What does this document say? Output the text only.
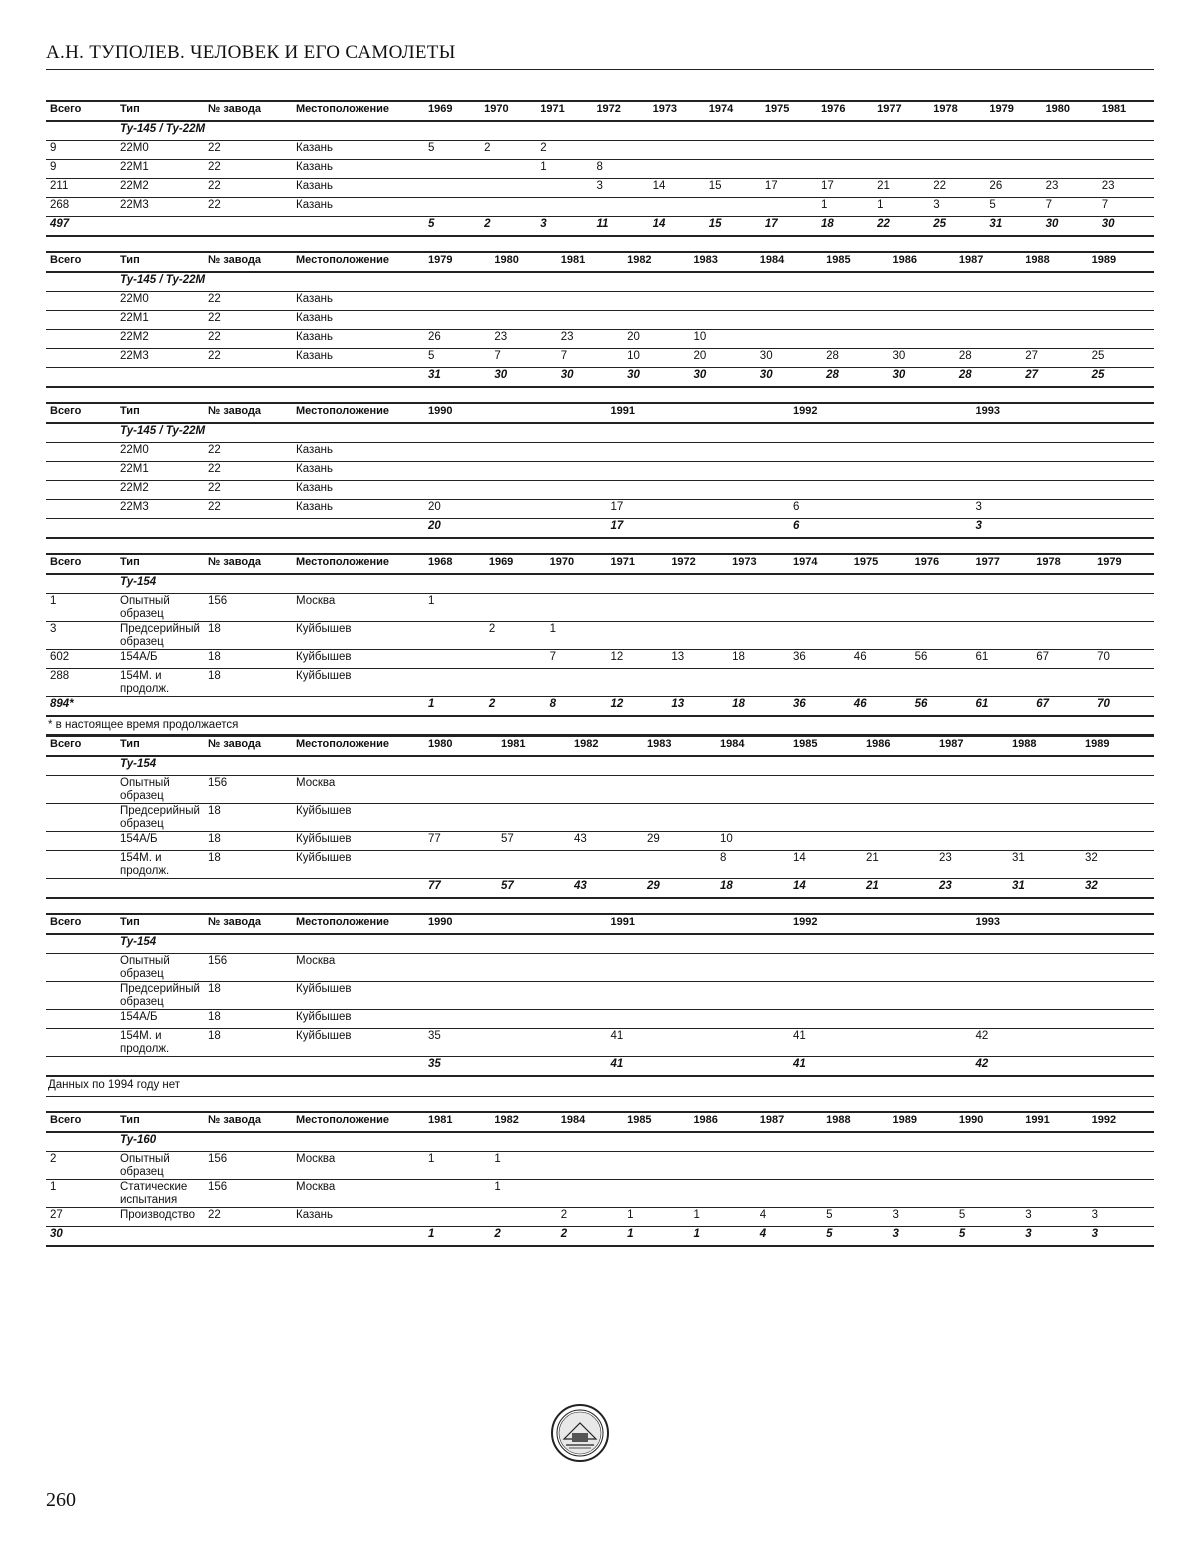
А.Н. ТУПОЛЕВ. ЧЕЛОВЕК И ЕГО САМОЛЕТЫ
Всего	Тип	№ завода	Местоположение	1969	1970	1971	1972	1973	1974	1975	1976	1977	1978	1979	1980	1981
	Ту-145 / Ту-22М															
9	22М0	22	Казань	5	2	2										
9	22М1	22	Казань			1	8									
211	22М2	22	Казань				3	14	15	17	17	21	22	26	23	23
268	22М3	22	Казань								1	1	3	5	7	7
497				5	2	3	11	14	15	17	18	22	25	31	30	30
Всего	Тип	№ завода	Местоположение	1979	1980	1981	1982	1983	1984	1985	1986	1987	1988	1989
	Ту-145 / Ту-22М													
	22М0	22	Казань											
	22М1	22	Казань											
	22М2	22	Казань	26	23	23	20	10						
	22М3	22	Казань	5	7	7	10	20	30	28	30	28	27	25
				31	30	30	30	30	30	28	30	28	27	25
Всего	Тип	№ завода	Местоположение	1990	1991	1992	1993
	Ту-145 / Ту-22М						
	22М0	22	Казань				
	22М1	22	Казань				
	22М2	22	Казань				
	22М3	22	Казань	20	17	6	3
				20	17	6	3
Всего	Тип	№ завода	Местоположение	1968	1969	1970	1971	1972	1973	1974	1975	1976	1977	1978	1979
	Ту-154														
1	Опытный образец	156	Москва	1											
3	Предсерийный образец	18	Куйбышев		2	1									
602	154А/Б	18	Куйбышев			7	12	13	18	36	46	56	61	67	70
288	154М. и продолж.	18	Куйбышев												
894*				1	2	8	12	13	18	36	46	56	61	67	70
* в настоящее время продолжается
Всего	Тип	№ завода	Местоположение	1980	1981	1982	1983	1984	1985	1986	1987	1988	1989
	Ту-154												
	Опытный образец	156	Москва										
	Предсерийный образец	18	Куйбышев										
	154А/Б	18	Куйбышев	77	57	43	29	10					
	154М. и продолж.	18	Куйбышев					8	14	21	23	31	32
				77	57	43	29	18	14	21	23	31	32
Всего	Тип	№ завода	Местоположение	1990	1991	1992	1993
	Ту-154						
	Опытный образец	156	Москва				
	Предсерийный образец	18	Куйбышев				
	154А/Б	18	Куйбышев				
	154М. и продолж.	18	Куйбышев	35	41	41	42
				35	41	41	42
Данных по 1994 году нет
Всего	Тип	№ завода	Местоположение	1981	1982	1984	1985	1986	1987	1988	1989	1990	1991	1992
	Ту-160													
2	Опытный образец	156	Москва	1	1									
1	Статические испытания	156	Москва		1									
27	Производство	22	Казань			2	1	1	4	5	3	5	3	3
30				1	2	2	1	1	4	5	3	5	3	3
260
